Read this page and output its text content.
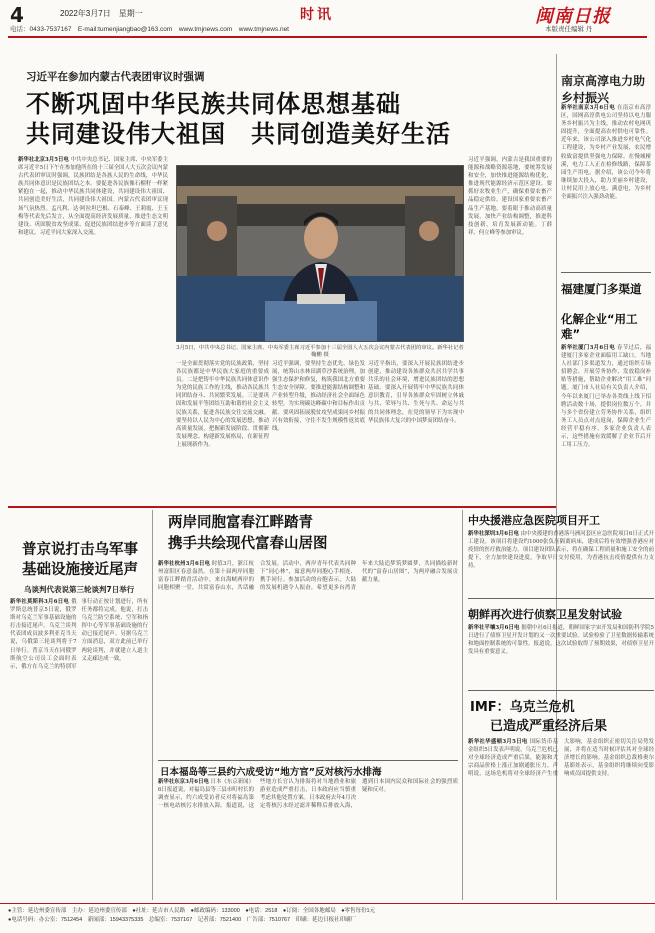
4	2022年3月7日　星期一	时讯	闽南日报
电话：0433-7537167　E-mail:tumenjiangbao@163.com　www.tmjnews.com　www.tmjnews.net	本版责任编辑 丹
习近平在参加内蒙古代表团审议时强调
不断巩固中华民族共同体思想基础
共同建设伟大祖国　共同创造美好生活
新华社北京3月5日电 中共中央总书记、国家主席、中央军委主席习近平5日下午在参加他所在的十三届全国人大五次会议内蒙古代表团审议时强调，民族团结是各族人民的生命线，中华民族共同体意识是民族团结之本。要促进各民族像石榴籽一样紧紧抱在一起，推动中华民族共同体建设，共同建设伟大祖国、共同创造美好生活，共同建设伟大祖国。内蒙古代表团审议现场气氛热烈。孟凡利、达·阿拉坦巴根、石泰峰、王莉霞、王玉梅等代表先后发言，从全面提高经济发展质量、推进生态文明建设、巩固脱贫攻坚成果、促进民族团结进步等方面谈了意见和建议。习近平同大家深入交流。
3月5日，中共中央总书记、国家主席、中央军委主席习近平参加十三届全国人大五次会议内蒙古代表团的审议。新华社记者 鞠鹏 摄
一是全面贯彻落实党的民族政策，坚持各民族都是中华民族大家庭的重要成员。二是把铸牢中华民族共同体意识作为党的民族工作的主线，推动各民族共同团结奋斗、共同繁荣发展。三是要巩固和发展平等团结互助和谐的社会主义民族关系，促进各民族交往交流交融。要坚持以人民为中心的发展思想，推动高质量发展，把握新发展阶段、贯彻新发展理念、构建新发展格局，在新征程上展现新作为。
习近平强调，要坚持生态优先、绿色发展，统筹山水林田湖草沙系统治理，加强生态保护和修复，构筑我国北方重要生态安全屏障。要推进能源结构调整和产业转型升级，推动经济社会全面绿色转型，为实现碳达峰碳中和目标作出贡献。要巩固拓展脱贫攻坚成果同乡村振兴有效衔接，守住不发生规模性返贫底线。
习近平指出，要深入开展民族团结进步创建，推动建设各族群众共居共学共事共乐的社会环境，增进民族团结的思想基础。要深入开展铸牢中华民族共同体意识教育，引导各族群众牢固树立休戚与共、荣辱与共、生死与共、命运与共的共同体理念，在党的领导下为实现中华民族伟大复兴的中国梦而团结奋斗。
习近平强调，内蒙古是我国重要的能源和战略资源基地，要统筹发展和安全，加快推进能源结构优化，推进现代能源经济示范区建设。要抓好农牧业生产，确保重要农畜产品稳定供给，建设国家重要农畜产品生产基地。要着眼于推动高质量发展，加快产业结构调整，推进科技创新，培育发展新动能。丁薛祥、何立峰等参加审议。
南京高淳电力助乡村振兴
新华社南京3月6日电 在南京市高淳区，国网高淳供电公司坚持以电力服务乡村振兴为主线，推动农村电网巩固提升，全面提高农村供电可靠性。近年来，该公司深入推进乡村电气化工程建设，为乡村产业发展、农民增收致富提供坚强电力保障。在慢城桠溪，电力工人正在检修线路，保障茶园生产用电。据介绍，该公司今年将继续加大投入，助力美丽乡村建设，让村民用上放心电、满意电，为乡村全面振兴注入强劲动能。
福建厦门多渠道
化解企业“用工难”
新华社厦门3月6日电 春节过后，福建厦门多家企业面临用工缺口。当地人社部门多渠道发力，通过组织专场招聘会、开展劳务协作、发放稳岗补贴等措施，帮助企业解决“用工难”问题。厦门市人社局有关负责人介绍，今年以来厦门已举办各类线上线下招聘活动数十场，提供岗位数万个，并与多个省份建立劳务协作关系，组织务工人员点对点返岗，保障企业生产经营平稳有序。多家企业负责人表示，这些措施有效缓解了企业节后开工用工压力。
中央援港应急医院项目开工
新华社深圳3月6日电 由中央援建的香港落马洲河套区应急医院项目6日正式开工建设。该项目将建设约1000张负压隔离病床，建成后将有效增强香港应对疫情的医疗救治能力。项目建设团队表示，将在确保工程质量和施工安全的前提下，全力加快建设进度，争取早日交付使用，为香港抗击疫情提供有力支持。
朝鲜再次进行侦察卫星发射试验
新华社平壤3月6日电 据朝中社6日报道，朝鲜国家宇宙开发局和国防科学院5日进行了侦察卫星开发计划的又一次重要试验。试验检验了卫星数据传输系统和地面控制系统的可靠性。报道说，这次试验取得了预期效果，对侦察卫星开发具有重要意义。
IMF：乌克兰危机
已造成严重经济后果
新华社华盛顿3月5日电 国际货币基金组织5日发表声明说，乌克兰危机已对全球经济造成严重后果，能源和大宗商品价格上涨正加剧通胀压力。声明说，这场危机将对全球经济产生重大影响，基金组织正密切关注局势发展，并将在适当时候评估其对全球经济增长的影响。基金组织总裁格奥尔基耶娃表示，基金组织将继续向受影响成员国提供支持。
普京说打击乌军事
基础设施接近尾声
乌谈判代表说第三轮谈判7日举行
新华社莫斯科3月6日电 俄罗斯总统普京5日说，俄罗斯对乌克兰军事基础设施的打击接近尾声。乌克兰谈判代表团成员波多利亚克当天说，乌俄第三轮谈判将于7日举行。普京当天在同俄罗斯航空公司员工会面时表示，俄方在乌克兰的特别军事行动正按计划进行，所有任务都将完成。他说，打击乌克兰防空系统、空军和指挥中心等军事基础设施的行动已接近尾声。另据乌克兰方面消息，双方此前已举行两轮谈判，并就建立人道主义走廊达成一致。
两岸同胞富春江畔踏青
携手共绘现代富春山居图
新华社杭州3月6日电 时值3月，浙江杭州富阳区春意盎然。在第十届两岸同胞富春江畔踏青活动中，来自海峡两岸的同胞相聚一堂，共赏富春山水，共话融合发展。活动中，两岸青年代表共同种下“同心林”，寓意两岸同胞心手相连、携手同行。参加活动的台胞表示，大陆的发展机遇令人振奋，希望更多台湾青年来大陆追梦筑梦圆梦，共同描绘新时代的“富春山居图”，为两岸融合发展贡献力量。
日本福岛等三县约六成受访“地方官”反对核污水排海
新华社东京3月6日电 日本《东京新闻》6日报道说，对福岛县等三县市町村长的调查显示，约六成受访者反对将福岛第一核电站核污水排放入海。报道说，这些地方长官认为排海将对当地渔业和旅游业造成严重打击，日本政府应当慎重考虑其他处置方案。日本政府去年4月决定将核污水经过滤并稀释后排放入海，遭到日本国内民众和国际社会的强烈质疑和反对。
●主管：延边州委宣传部　主办：延边州委宣传部　●社址：延吉市人民路　●邮政编码：133000　●电话：2518　●订阅：全国各地邮局　●零售每份1元
●电话号码：办公室：7512454　新闻部：15943375335　总编室：7537167　记者部：7521400　广告部：7510767　印刷：延边日报社印刷厂
